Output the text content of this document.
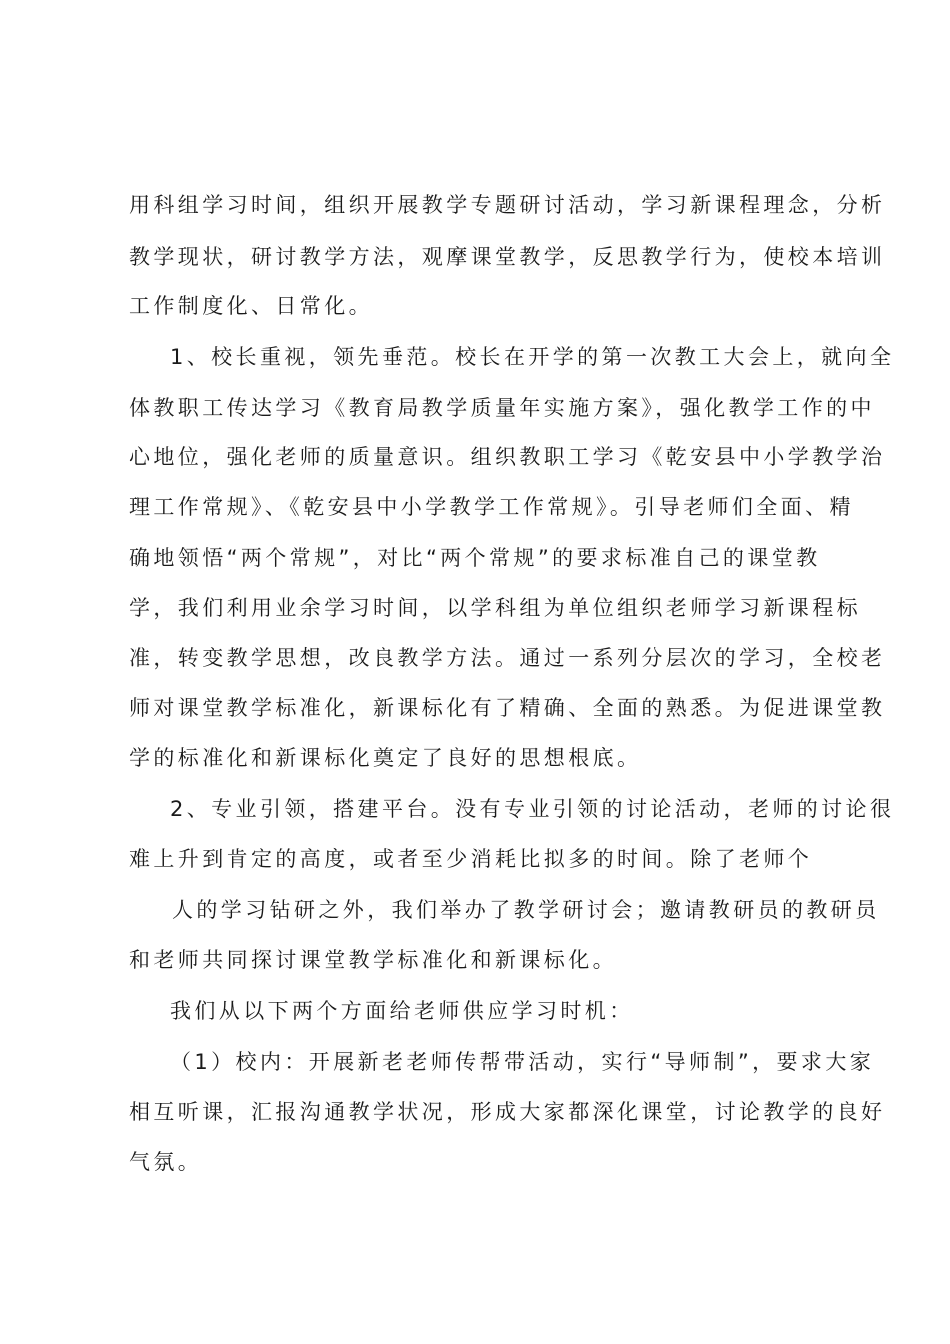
用科组学习时间，组织开展教学专题研讨活动，学习新课程理念，分析
教学现状，研讨教学方法，观摩课堂教学，反思教学行为，使校本培训
工作制度化、日常化。
1、校长重视，领先垂范。校长在开学的第一次教工大会上，就向全
体教职工传达学习《教育局教学质量年实施方案》，强化教学工作的中
心地位，强化老师的质量意识。组织教职工学习《乾安县中小学教学治
理工作常规》、《乾安县中小学教学工作常规》。引导老师们全面、精
确地领悟“两个常规”，对比“两个常规”的要求标准自己的课堂教
学，我们利用业余学习时间，以学科组为单位组织老师学习新课程标
准，转变教学思想，改良教学方法。通过一系列分层次的学习，全校老
师对课堂教学标准化，新课标化有了精确、全面的熟悉。为促进课堂教
学的标准化和新课标化奠定了良好的思想根底。
2、专业引领，搭建平台。没有专业引领的讨论活动，老师的讨论很
难上升到肯定的高度，或者至少消耗比拟多的时间。除了老师个
人的学习钻研之外，我们举办了教学研讨会；邀请教研员的教研员
和老师共同探讨课堂教学标准化和新课标化。
我们从以下两个方面给老师供应学习时机：
（1）校内：开展新老老师传帮带活动，实行“导师制”，要求大家
相互听课，汇报沟通教学状况，形成大家都深化课堂，讨论教学的良好
气氛。
